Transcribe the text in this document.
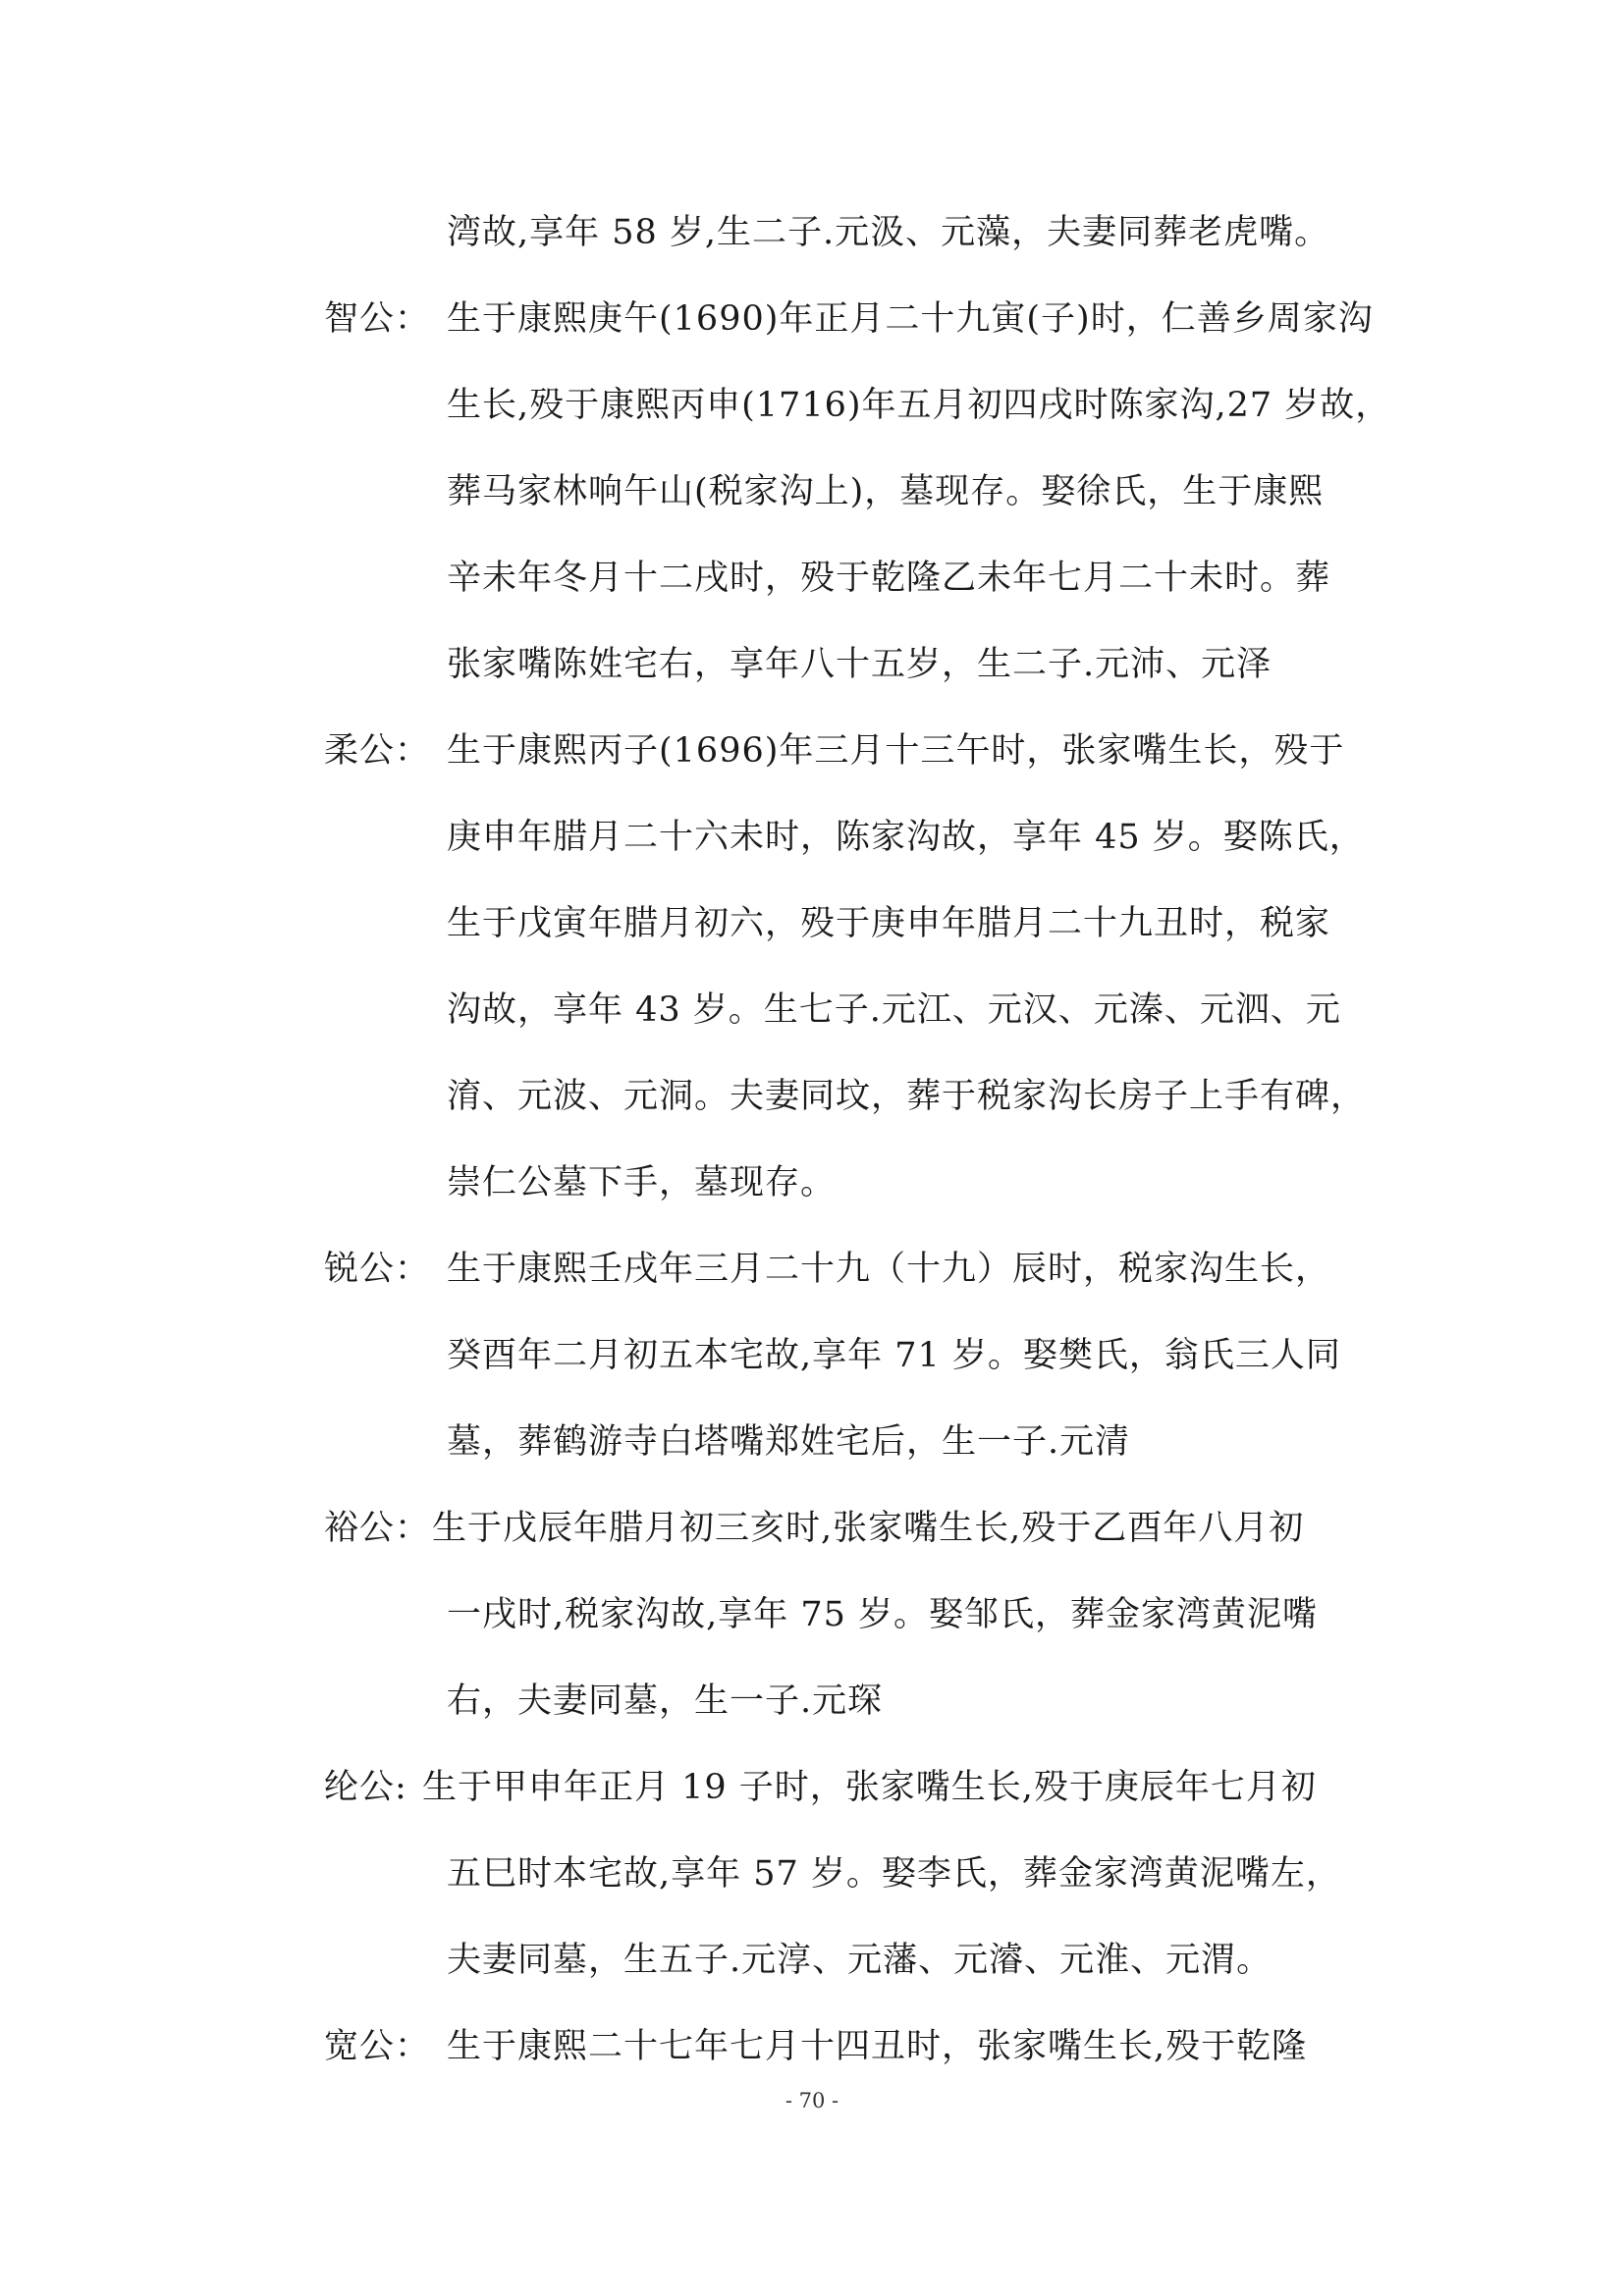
湾故,享年 58 岁,生二子.元汲、元藻，夫妻同葬老虎嘴。
智公： 生于康熙庚午(1690)年正月二十九寅(子)时，仁善乡周家沟
生长,殁于康熙丙申(1716)年五月初四戌时陈家沟,27 岁故，
葬马家林响午山(税家沟上)，墓现存。娶徐氏，生于康熙
辛未年冬月十二戌时，殁于乾隆乙未年七月二十未时。葬
张家嘴陈姓宅右，享年八十五岁，生二子.元沛、元泽
柔公： 生于康熙丙子(1696)年三月十三午时，张家嘴生长，殁于
庚申年腊月二十六未时，陈家沟故，享年 45 岁。娶陈氏，
生于戊寅年腊月初六，殁于庚申年腊月二十九丑时，税家
沟故，享年 43 岁。生七子.元江、元汉、元溱、元泗、元
淯、元波、元洞。夫妻同坟，葬于税家沟长房子上手有碑，
崇仁公墓下手，墓现存。
锐公： 生于康熙壬戌年三月二十九（十九）辰时，税家沟生长，
癸酉年二月初五本宅故,享年 71 岁。娶樊氏，翁氏三人同
墓，葬鹤游寺白塔嘴郑姓宅后，生一子.元清
裕公： 生于戊辰年腊月初三亥时,张家嘴生长,殁于乙酉年八月初
一戌时,税家沟故,享年 75 岁。娶邹氏，葬金家湾黄泥嘴
右，夫妻同墓，生一子.元琛
纶公: 生于甲申年正月 19 子时，张家嘴生长,殁于庚辰年七月初
五巳时本宅故,享年 57 岁。娶李氏，葬金家湾黄泥嘴左，
夫妻同墓，生五子.元淳、元藩、元濬、元淮、元渭。
宽公： 生于康熙二十七年七月十四丑时，张家嘴生长,殁于乾隆
- 70 -
